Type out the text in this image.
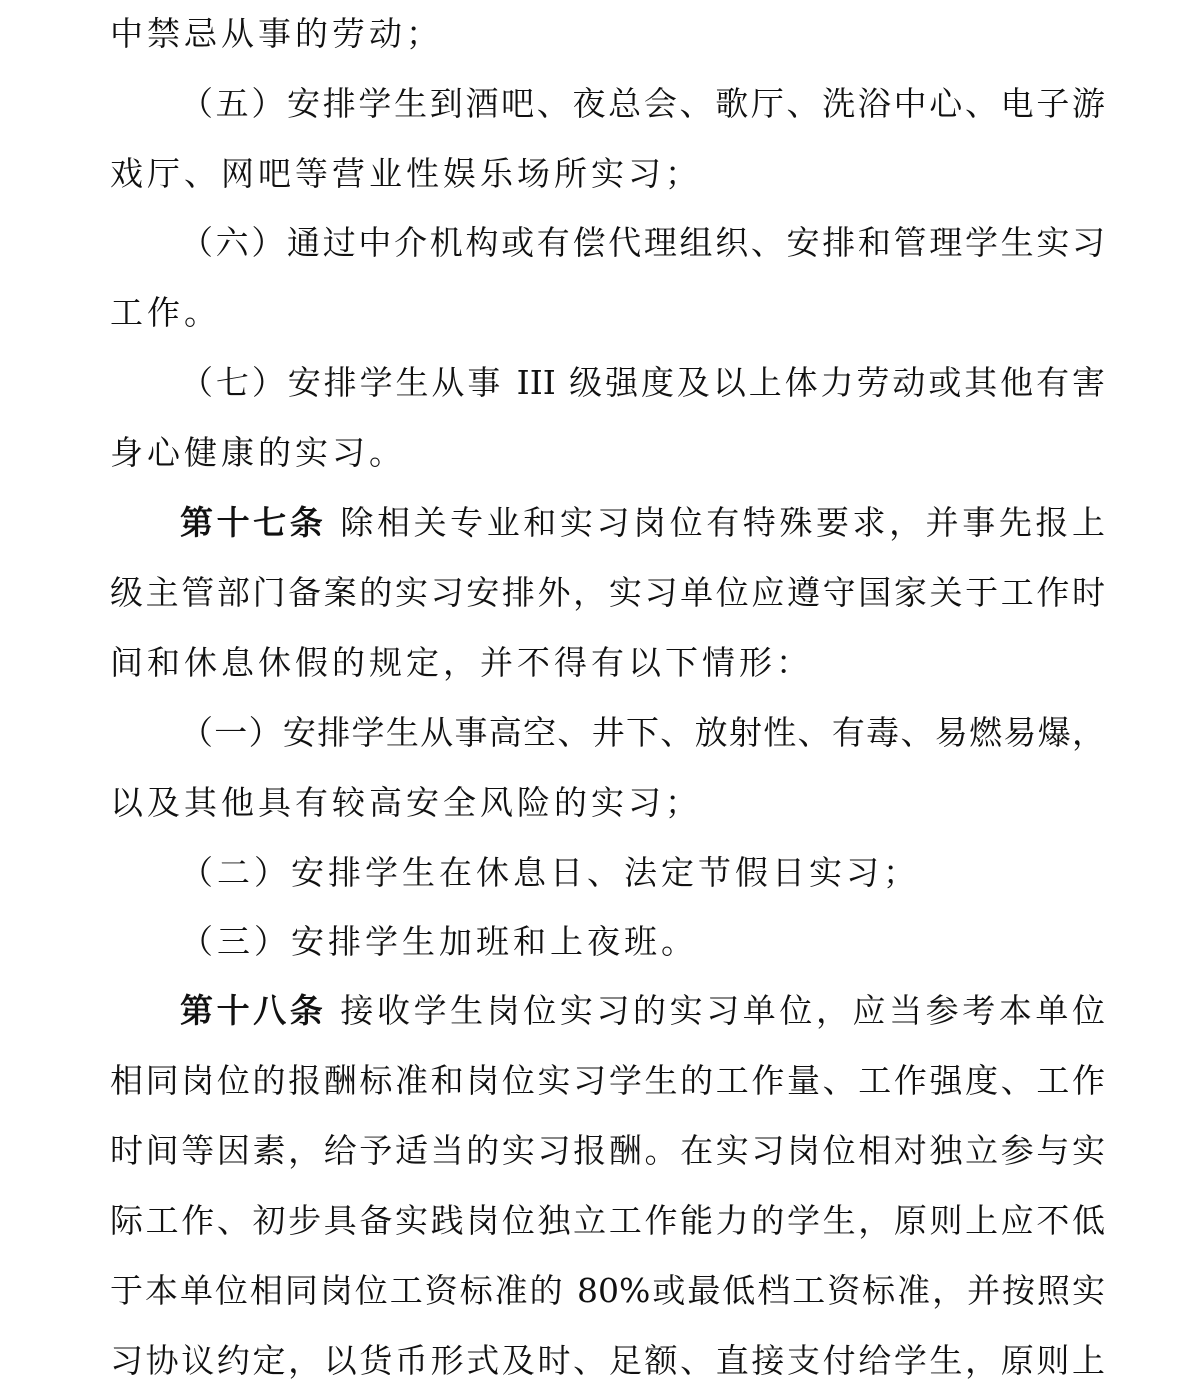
中禁忌从事的劳动；
（五）安排学生到酒吧、夜总会、歌厅、洗浴中心、电子游
戏厅、网吧等营业性娱乐场所实习；
（六）通过中介机构或有偿代理组织、安排和管理学生实习
工作。
（七）安排学生从事 III 级强度及以上体力劳动或其他有害
身心健康的实习。
第十七条 除相关专业和实习岗位有特殊要求，并事先报上
级主管部门备案的实习安排外，实习单位应遵守国家关于工作时
间和休息休假的规定，并不得有以下情形：
（一）安排学生从事高空、井下、放射性、有毒、易燃易爆，
以及其他具有较高安全风险的实习；
（二）安排学生在休息日、法定节假日实习；
（三）安排学生加班和上夜班。
第十八条 接收学生岗位实习的实习单位，应当参考本单位
相同岗位的报酬标准和岗位实习学生的工作量、工作强度、工作
时间等因素，给予适当的实习报酬。在实习岗位相对独立参与实
际工作、初步具备实践岗位独立工作能力的学生，原则上应不低
于本单位相同岗位工资标准的 80%或最低档工资标准，并按照实
习协议约定，以货币形式及时、足额、直接支付给学生，原则上
